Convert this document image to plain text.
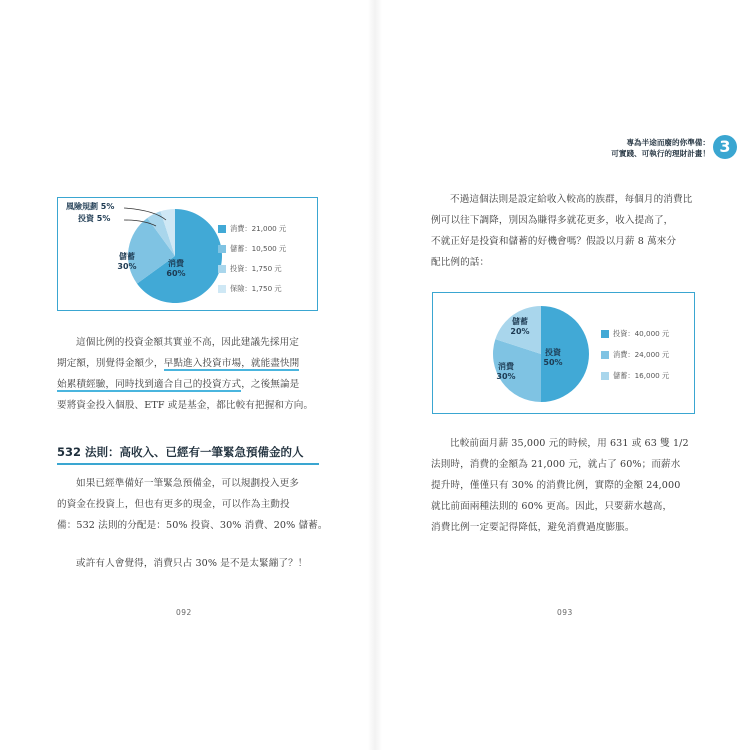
消費
60%
儲蓄
30%
風險規劃 5%
投資 5%
消費：21,000 元
儲蓄：10,500 元
投資：1,750 元
保險：1,750 元

這個比例的投資金額其實並不高，因此建議先採用定

期定額，別覺得金額少，早點進入投資市場，就能盡快開

始累積經驗，同時找到適合自己的投資方式，之後無論是

要將資金投入個股、ETF 或是基金，都比較有把握和方向。

532 法則：高收入、已經有一筆緊急預備金的人

如果已經準備好一筆緊急預備金，可以規劃投入更多

的資金在投資上，但也有更多的現金，可以作為主動投

備：532 法則的分配是：50% 投資、30% 消費、20% 儲蓄。

或許有人會覺得，消費只占 30% 是不是太緊繃了？！

092
專為半途而廢的你準備：
可實踐、可執行的理財計畫！ 3

不過這個法則是設定給收入較高的族群，每個月的消費比

例可以往下調降，別因為賺得多就花更多，收入提高了，

不就正好是投資和儲蓄的好機會嗎？假設以月薪 8 萬來分

配比例的話：

投資
50%
消費
30%
儲蓄
20%	投資：40,000 元
消費：24,000 元
儲蓄：16,000 元

比較前面月薪 35,000 元的時候，用 631 或 63 雙 1/2

法則時，消費的金額為 21,000 元，就占了 60%；而薪水

提升時，僅僅只有 30% 的消費比例，實際的金額 24,000

就比前面兩種法則的 60% 更高。因此，只要薪水越高，

消費比例一定要記得降低，避免消費過度膨脹。

093
